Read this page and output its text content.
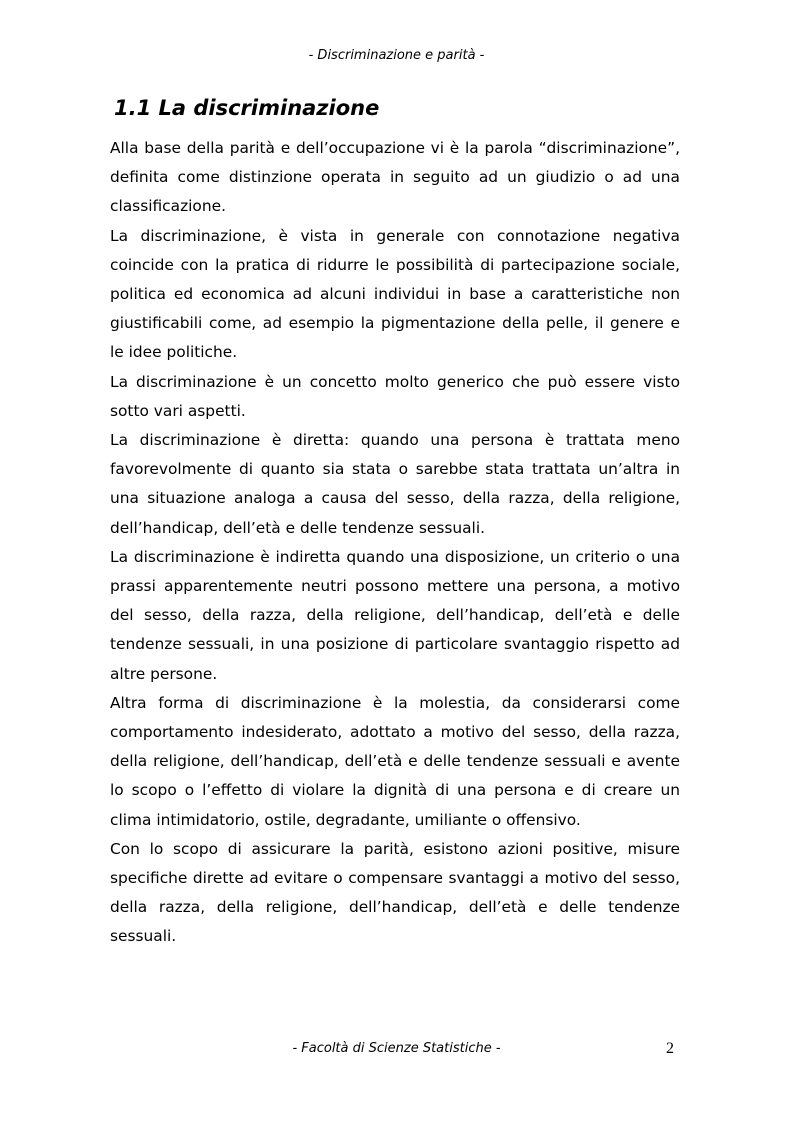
- Discriminazione e parità -
1.1 La discriminazione

Alla base della parità e dell’occupazione vi è la parola “discriminazione”, definita come distinzione operata in seguito ad un giudizio o ad una classificazione.

La discriminazione, è vista in generale con connotazione negativa coincide con la pratica di ridurre le possibilità di partecipazione sociale, politica ed economica ad alcuni individui in base a caratteristiche non giustificabili come, ad esempio la pigmentazione della pelle, il genere e le idee politiche.

La discriminazione è un concetto molto generico che può essere visto sotto vari aspetti.

La discriminazione è diretta: quando una persona è trattata meno favorevolmente di quanto sia stata o sarebbe stata trattata un’altra in una situazione analoga a causa del sesso, della razza, della religione, dell’handicap, dell’età e delle tendenze sessuali.

La discriminazione è indiretta quando una disposizione, un criterio o una prassi apparentemente neutri possono mettere una persona, a motivo del sesso, della razza, della religione, dell’handicap, dell’età e delle tendenze sessuali, in una posizione di particolare svantaggio rispetto ad altre persone.

Altra forma di discriminazione è la molestia, da considerarsi come comportamento indesiderato, adottato a motivo del sesso, della razza, della religione, dell’handicap, dell’età e delle tendenze sessuali e avente lo scopo o l’effetto di violare la dignità di una persona e di creare un clima intimidatorio, ostile, degradante, umiliante o offensivo.

Con lo scopo di assicurare la parità, esistono azioni positive, misure specifiche dirette ad evitare o compensare svantaggi a motivo del sesso, della razza, della religione, dell’handicap, dell’età e delle tendenze sessuali.

- Facoltà di Scienze Statistiche -	2
